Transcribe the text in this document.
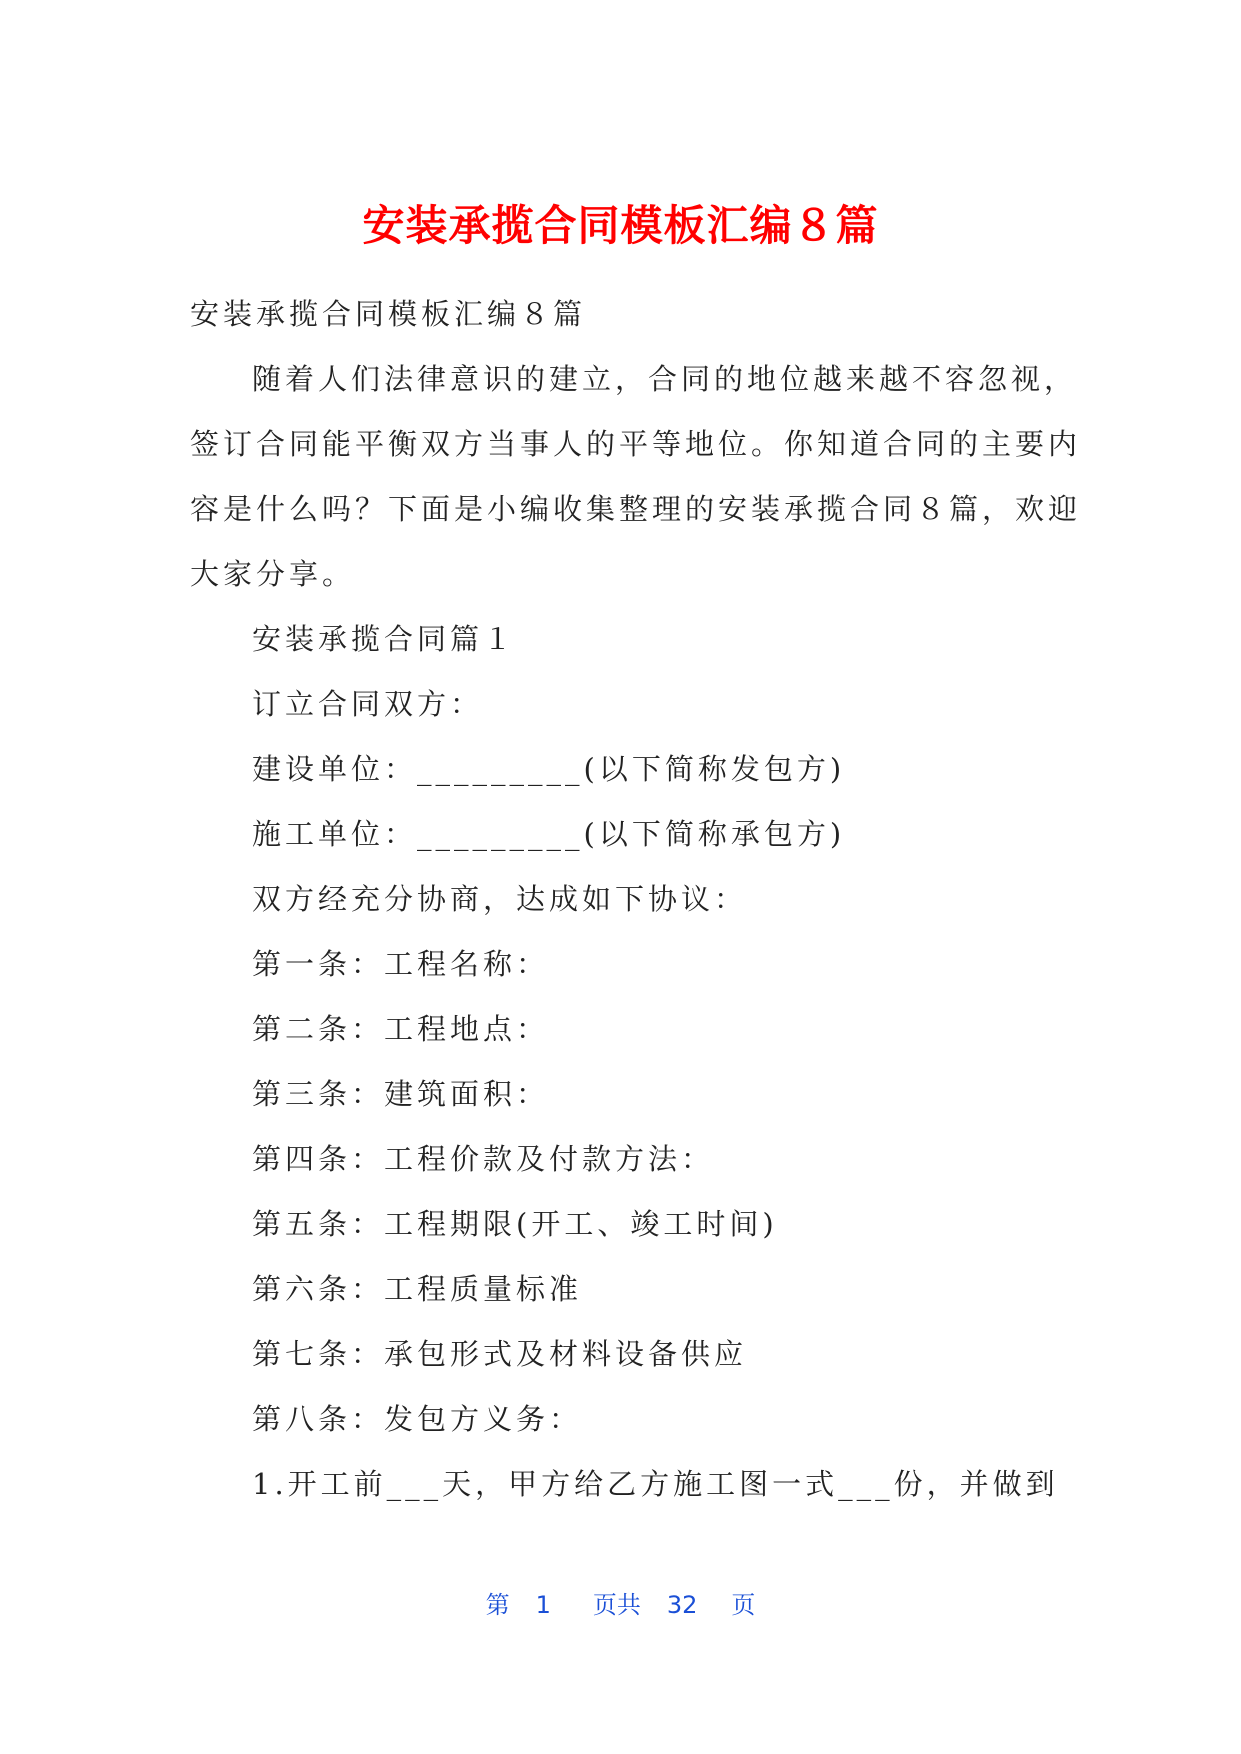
安装承揽合同模板汇编８篇

安装承揽合同模板汇编８篇

随着人们法律意识的建立，合同的地位越来越不容忽视，

签订合同能平衡双方当事人的平等地位。你知道合同的主要内

容是什么吗？下面是小编收集整理的安装承揽合同８篇，欢迎

大家分享。

安装承揽合同篇１

订立合同双方：

建设单位：_________(以下简称发包方)

施工单位：_________(以下简称承包方)

双方经充分协商，达成如下协议：

第一条：工程名称：

第二条：工程地点：

第三条：建筑面积：

第四条：工程价款及付款方法：

第五条：工程期限(开工、竣工时间)

第六条：工程质量标准

第七条：承包形式及材料设备供应

第八条：发包方义务：

1.开工前___天，甲方给乙方施工图一式___份，并做到

第 1 页共 32 页
